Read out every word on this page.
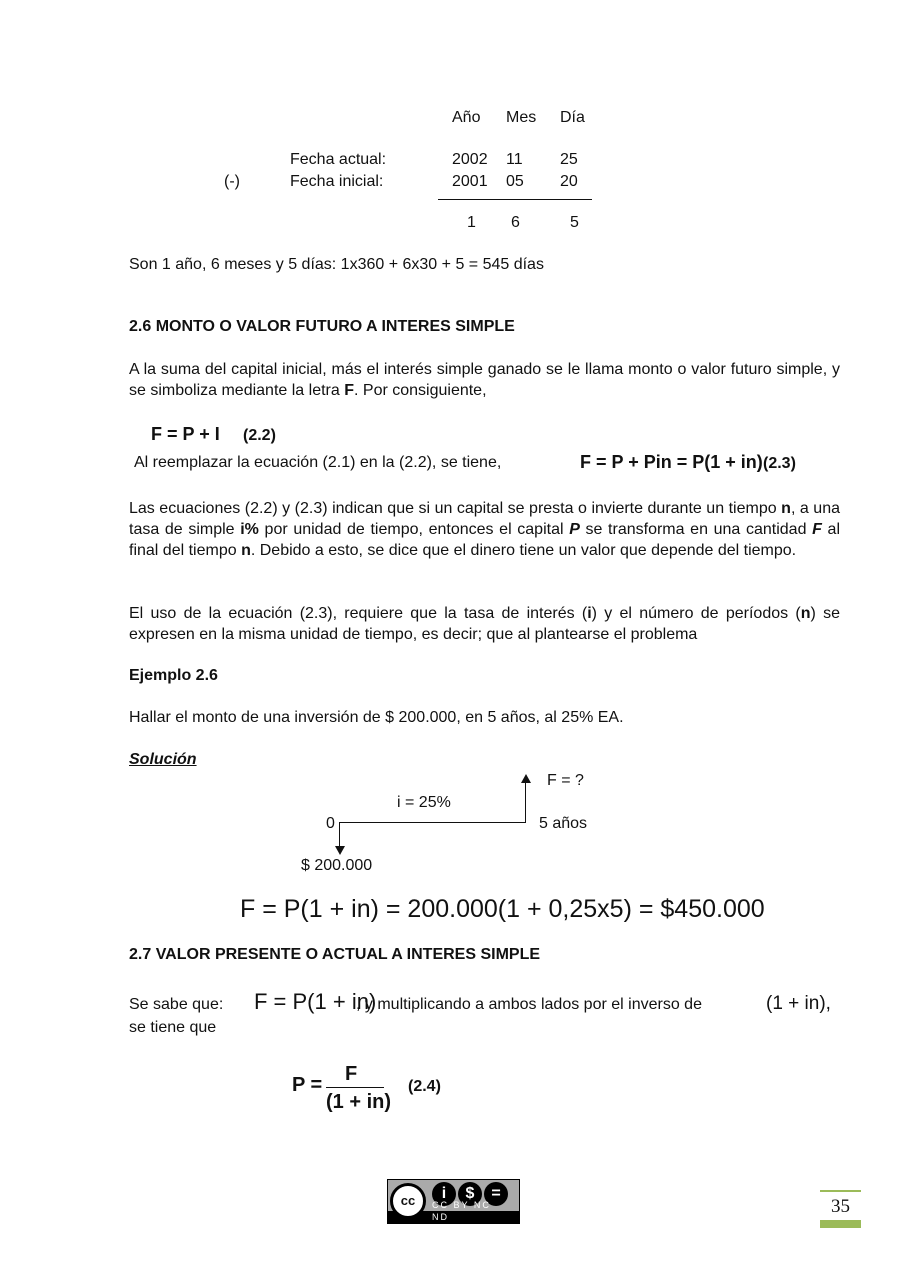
Año Mes Día
Fecha actual:	2002 11 25
(-)	Fecha inicial:	2001 05 20
1 6	5
Son 1 año, 6 meses y 5 días: 1x360 + 6x30 + 5 = 545 días
2.6 MONTO O VALOR FUTURO A INTERES SIMPLE
A la suma del capital inicial, más el interés simple ganado se le llama monto o valor futuro simple, y se simboliza mediante la letra F. Por consiguiente,
F = P + I (2.2)
Al reemplazar la ecuación (2.1) en la (2.2), se tiene,	F = P + Pin = P(1 + in) (2.3)
Las ecuaciones (2.2) y (2.3) indican que si un capital se presta o invierte durante un tiempo n, a una tasa de simple i% por unidad de tiempo, entonces el capital P se transforma en una cantidad F al final del tiempo n. Debido a esto, se dice que el dinero tiene un valor que depende del tiempo.
El uso de la ecuación (2.3), requiere que la tasa de interés (i) y el número de períodos (n) se expresen en la misma unidad de tiempo, es decir; que al plantearse el problema
Ejemplo 2.6
Hallar el monto de una inversión de $ 200.000, en 5 años, al 25% EA.
Solución
F = ?
i = 25%
0	5 años
$ 200.000
F = P(1 + in) = 200.000(1 + 0,25x5) = $450.000
2.7 VALOR PRESENTE O ACTUAL A INTERES SIMPLE
Se sabe que: F = P(1 + in)
, y multiplicando a ambos lados por el inverso de	(1 + in),
se tiene que
P = F
(1 + in)
(2.4)
cc	i	$	=
CC BY NC ND	35
